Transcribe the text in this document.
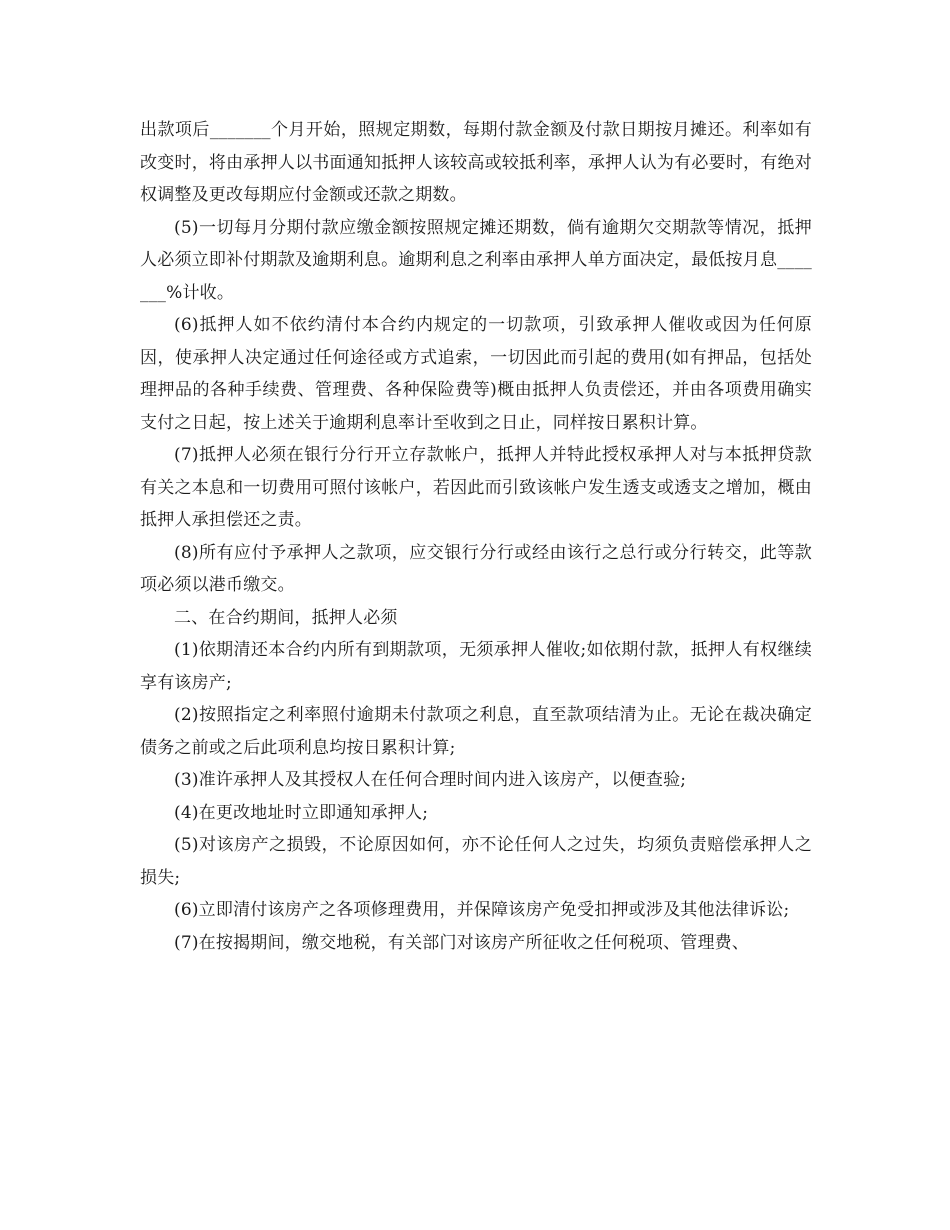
出款项后_______个月开始，照规定期数，每期付款金额及付款日期按月摊还。利率如有改变时，将由承押人以书面通知抵押人该较高或较抵利率，承押人认为有必要时，有绝对权调整及更改每期应付金额或还款之期数。

(5)一切每月分期付款应缴金额按照规定摊还期数，倘有逾期欠交期款等情况，抵押人必须立即补付期款及逾期利息。逾期利息之利率由承押人单方面决定，最低按月息_______%计收。

(6)抵押人如不依约清付本合约内规定的一切款项，引致承押人催收或因为任何原因，使承押人决定通过任何途径或方式追索，一切因此而引起的费用(如有押品，包括处理押品的各种手续费、管理费、各种保险费等)概由抵押人负责偿还，并由各项费用确实支付之日起，按上述关于逾期利息率计至收到之日止，同样按日累积计算。

(7)抵押人必须在银行分行开立存款帐户，抵押人并特此授权承押人对与本抵押贷款有关之本息和一切费用可照付该帐户，若因此而引致该帐户发生透支或透支之增加，概由抵押人承担偿还之责。

(8)所有应付予承押人之款项，应交银行分行或经由该行之总行或分行转交，此等款项必须以港币缴交。

二、在合约期间，抵押人必须

(1)依期清还本合约内所有到期款项，无须承押人催收;如依期付款，抵押人有权继续享有该房产;

(2)按照指定之利率照付逾期未付款项之利息，直至款项结清为止。无论在裁决确定债务之前或之后此项利息均按日累积计算;

(3)准许承押人及其授权人在任何合理时间内进入该房产，以便查验;

(4)在更改地址时立即通知承押人;

(5)对该房产之损毁，不论原因如何，亦不论任何人之过失，均须负责赔偿承押人之损失;

(6)立即清付该房产之各项修理费用，并保障该房产免受扣押或涉及其他法律诉讼;

(7)在按揭期间，缴交地税，有关部门对该房产所征收之任何税项、管理费、
